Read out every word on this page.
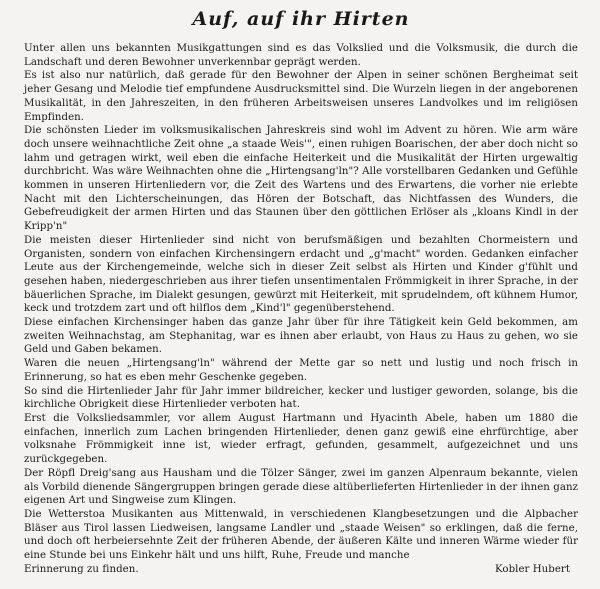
Auf, auf ihr Hirten

Unter allen uns bekannten Musikgattungen sind es das Volkslied und die Volksmusik, die durch die Landschaft und deren Bewohner unverkennbar geprägt werden.

Es ist also nur natürlich, daß gerade für den Bewohner der Alpen in seiner schönen Bergheimat seit jeher Gesang und Melodie tief empfundene Ausdrucksmittel sind. Die Wurzeln liegen in der angeborenen Musikalität, in den Jahreszeiten, in den früheren Arbeitsweisen unseres Landvolkes und im religiösen Empfinden.

Die schönsten Lieder im volksmusikalischen Jahreskreis sind wohl im Advent zu hören. Wie arm wäre doch unsere weihnachtliche Zeit ohne „a staade Weis'", einen ruhigen Boarischen, der aber doch nicht so lahm und getragen wirkt, weil eben die einfache Heiterkeit und die Musikalität der Hirten urgewaltig durchbricht. Was wäre Weihnachten ohne die „Hirtengsang'ln"? Alle vorstellbaren Gedanken und Gefühle kommen in unseren Hirtenliedern vor, die Zeit des Wartens und des Erwartens, die vorher nie erlebte Nacht mit den Lichterscheinungen, das Hören der Botschaft, das Nichtfassen des Wunders, die Gebefreudigkeit der armen Hirten und das Staunen über den göttlichen Erlöser als „kloans Kindl in der Kripp'n"

Die meisten dieser Hirtenlieder sind nicht von berufsmäßigen und bezahlten Chormeistern und Organisten, sondern von einfachen Kirchensingern erdacht und „g'macht" worden. Gedanken einfacher Leute aus der Kirchengemeinde, welche sich in dieser Zeit selbst als Hirten und Kinder g'fühlt und gesehen haben, niedergeschrieben aus ihrer tiefen unsentimentalen Frömmigkeit in ihrer Sprache, in der bäuerlichen Sprache, im Dialekt gesungen, gewürzt mit Heiterkeit, mit sprudelndem, oft kühnem Humor, keck und trotzdem zart und oft hilflos dem „Kind'l" gegenüberstehend.

Diese einfachen Kirchensinger haben das ganze Jahr über für ihre Tätigkeit kein Geld bekommen, am zweiten Weihnachstag, am Stephanitag, war es ihnen aber erlaubt, von Haus zu Haus zu gehen, wo sie Geld und Gaben bekamen.

Waren die neuen „Hirtengsang'ln" während der Mette gar so nett und lustig und noch frisch in Erinnerung, so hat es eben mehr Geschenke gegeben.

So sind die Hirtenlieder Jahr für Jahr immer bildreicher, kecker und lustiger geworden, solange, bis die kirchliche Obrigkeit diese Hirtenlieder verboten hat.

Erst die Volksliedsammler, vor allem August Hartmann und Hyacinth Abele, haben um 1880 die einfachen, innerlich zum Lachen bringenden Hirtenlieder, denen ganz gewiß eine ehrfürchtige, aber volksnahe Frömmigkeit inne ist, wieder erfragt, gefunden, gesammelt, aufgezeichnet und uns zurückgegeben.

Der Röpfl Dreig'sang aus Hausham und die Tölzer Sänger, zwei im ganzen Alpenraum bekannte, vielen als Vorbild dienende Sängergruppen bringen gerade diese altüberlieferten Hirtenlieder in der ihnen ganz eigenen Art und Singweise zum Klingen.

Die Wetterstoa Musikanten aus Mittenwald, in verschiedenen Klangbesetzungen und die Alpbacher Bläser aus Tirol lassen Liedweisen, langsame Landler und „staade Weisen" so erklingen, daß die ferne, und doch oft herbeiersehnte Zeit der früheren Abende, der äußeren Kälte und inneren Wärme wieder für eine Stunde bei uns Einkehr hält und uns hilft, Ruhe, Freude und manche

Erinnerung zu finden.	Kobler Hubert
